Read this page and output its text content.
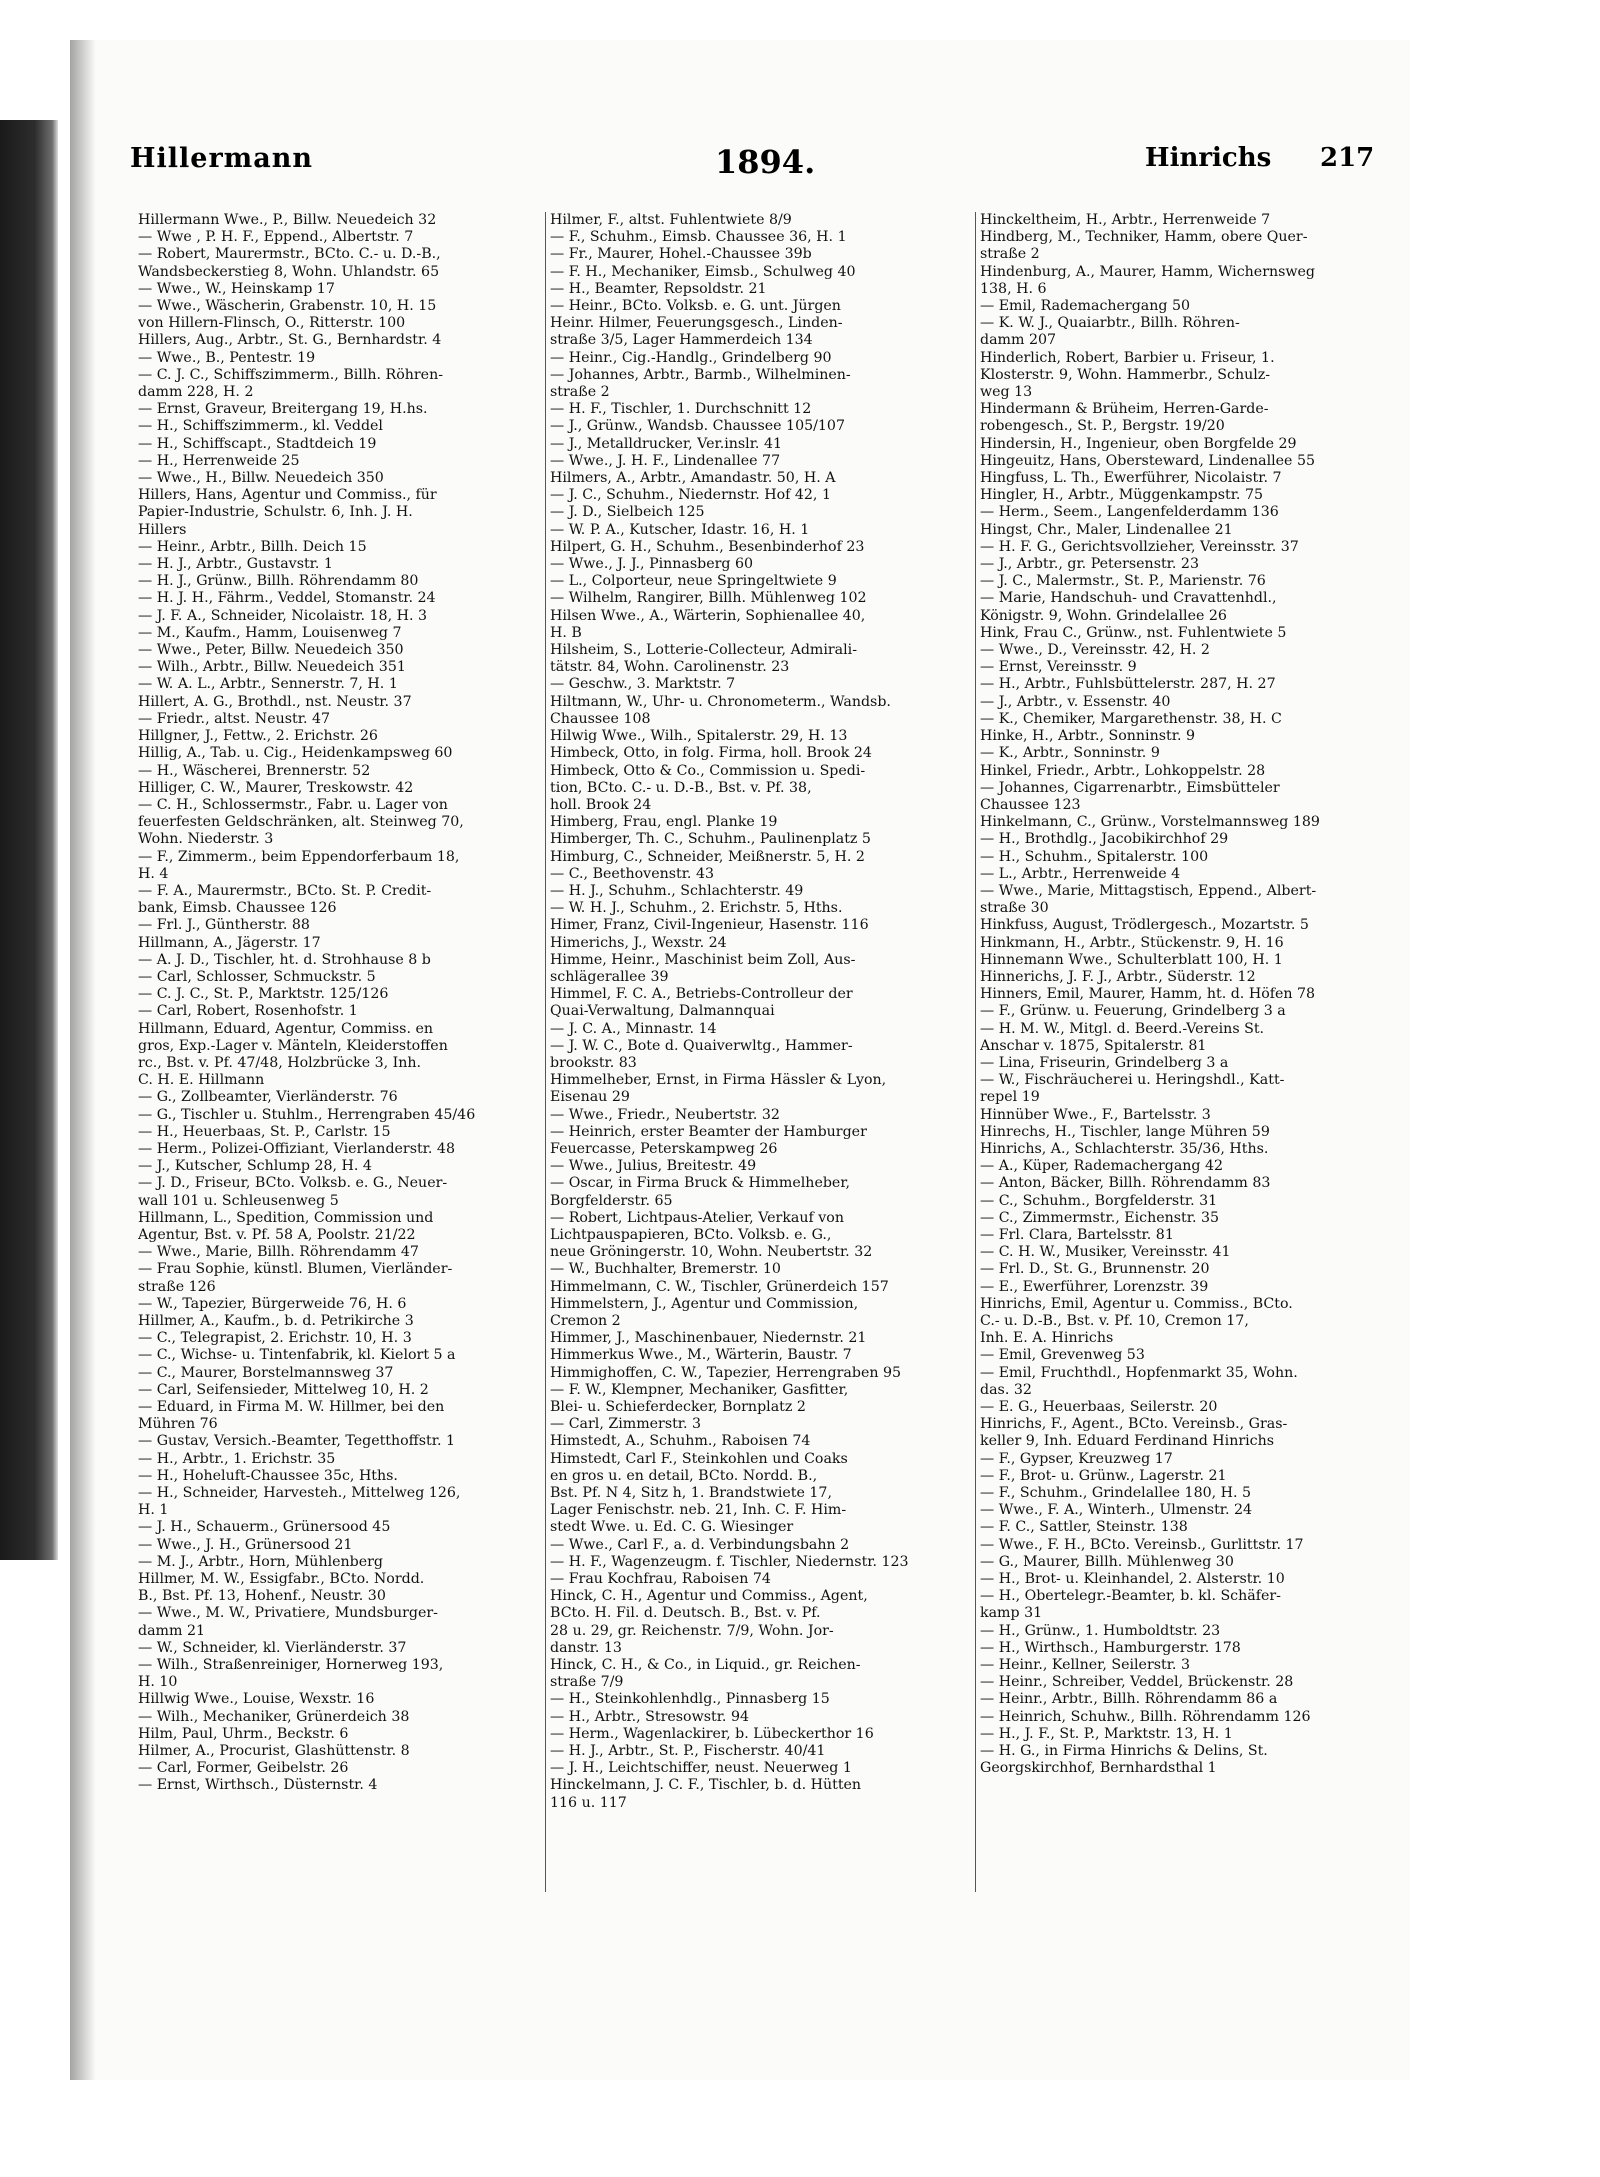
Hillermann	1894.	Hinrichs 217
Hillermann Wwe., P., Billw. Neuedeich 32
— Wwe , P. H. F., Eppend., Albertstr. 7
— Robert, Maurermstr., BCto. C.- u. D.-B.,
Wandsbeckerstieg 8, Wohn. Uhlandstr. 65
— Wwe., W., Heinskamp 17
— Wwe., Wäscherin, Grabenstr. 10, H. 15
von Hillern-Flinsch, O., Ritterstr. 100
Hillers, Aug., Arbtr., St. G., Bernhardstr. 4
— Wwe., B., Pentestr. 19
— C. J. C., Schiffszimmerm., Billh. Röhren-
damm 228, H. 2
— Ernst, Graveur, Breitergang 19, H.hs.
— H., Schiffszimmerm., kl. Veddel
— H., Schiffscapt., Stadtdeich 19
— H., Herrenweide 25
— Wwe., H., Billw. Neuedeich 350
Hillers, Hans, Agentur und Commiss., für
Papier-Industrie, Schulstr. 6, Inh. J. H.
Hillers
— Heinr., Arbtr., Billh. Deich 15
— H. J., Arbtr., Gustavstr. 1
— H. J., Grünw., Billh. Röhrendamm 80
— H. J. H., Fährm., Veddel, Stomanstr. 24
— J. F. A., Schneider, Nicolaistr. 18, H. 3
— M., Kaufm., Hamm, Louisenweg 7
— Wwe., Peter, Billw. Neuedeich 350
— Wilh., Arbtr., Billw. Neuedeich 351
— W. A. L., Arbtr., Sennerstr. 7, H. 1
Hillert, A. G., Brothdl., nst. Neustr. 37
— Friedr., altst. Neustr. 47
Hillgner, J., Fettw., 2. Erichstr. 26
Hillig, A., Tab. u. Cig., Heidenkampsweg 60
— H., Wäscherei, Brennerstr. 52
Hilliger, C. W., Maurer, Treskowstr. 42
— C. H., Schlossermstr., Fabr. u. Lager von
feuerfesten Geldschränken, alt. Steinweg 70,
Wohn. Niederstr. 3
— F., Zimmerm., beim Eppendorferbaum 18,
H. 4
— F. A., Maurermstr., BCto. St. P. Credit-
bank, Eimsb. Chaussee 126
— Frl. J., Güntherstr. 88
Hillmann, A., Jägerstr. 17
— A. J. D., Tischler, ht. d. Strohhause 8 b
— Carl, Schlosser, Schmuckstr. 5
— C. J. C., St. P., Marktstr. 125/126
— Carl, Robert, Rosenhofstr. 1
Hillmann, Eduard, Agentur, Commiss. en
gros, Exp.-Lager v. Mänteln, Kleiderstoffen
rc., Bst. v. Pf. 47/48, Holzbrücke 3, Inh.
C. H. E. Hillmann
— G., Zollbeamter, Vierländerstr. 76
— G., Tischler u. Stuhlm., Herrengraben 45/46
— H., Heuerbaas, St. P., Carlstr. 15
— Herm., Polizei-Offiziant, Vierlanderstr. 48
— J., Kutscher, Schlump 28, H. 4
— J. D., Friseur, BCto. Volksb. e. G., Neuer-
wall 101 u. Schleusenweg 5
Hillmann, L., Spedition, Commission und
Agentur, Bst. v. Pf. 58 A, Poolstr. 21/22
— Wwe., Marie, Billh. Röhrendamm 47
— Frau Sophie, künstl. Blumen, Vierländer-
straße 126
— W., Tapezier, Bürgerweide 76, H. 6
Hillmer, A., Kaufm., b. d. Petrikirche 3
— C., Telegrapist, 2. Erichstr. 10, H. 3
— C., Wichse- u. Tintenfabrik, kl. Kielort 5 a
— C., Maurer, Borstelmannsweg 37
— Carl, Seifensieder, Mittelweg 10, H. 2
— Eduard, in Firma M. W. Hillmer, bei den
Mühren 76
— Gustav, Versich.-Beamter, Tegetthoffstr. 1
— H., Arbtr., 1. Erichstr. 35
— H., Hoheluft-Chaussee 35c, Hths.
— H., Schneider, Harvesteh., Mittelweg 126,
H. 1
— J. H., Schauerm., Grünersood 45
— Wwe., J. H., Grünersood 21
— M. J., Arbtr., Horn, Mühlenberg
Hillmer, M. W., Essigfabr., BCto. Nordd.
B., Bst. Pf. 13, Hohenf., Neustr. 30
— Wwe., M. W., Privatiere, Mundsburger-
damm 21
— W., Schneider, kl. Vierländerstr. 37
— Wilh., Straßenreiniger, Hornerweg 193,
H. 10
Hillwig Wwe., Louise, Wexstr. 16
— Wilh., Mechaniker, Grünerdeich 38
Hilm, Paul, Uhrm., Beckstr. 6
Hilmer, A., Procurist, Glashüttenstr. 8
— Carl, Former, Geibelstr. 26
— Ernst, Wirthsch., Düsternstr. 4
Hilmer, F., altst. Fuhlentwiete 8/9
— F., Schuhm., Eimsb. Chaussee 36, H. 1
— Fr., Maurer, Hohel.-Chaussee 39b
— F. H., Mechaniker, Eimsb., Schulweg 40
— H., Beamter, Repsoldstr. 21
— Heinr., BCto. Volksb. e. G. unt. Jürgen
Heinr. Hilmer, Feuerungsgesch., Linden-
straße 3/5, Lager Hammerdeich 134
— Heinr., Cig.-Handlg., Grindelberg 90
— Johannes, Arbtr., Barmb., Wilhelminen-
straße 2
— H. F., Tischler, 1. Durchschnitt 12
— J., Grünw., Wandsb. Chaussee 105/107
— J., Metalldrucker, Ver.inslr. 41
— Wwe., J. H. F., Lindenallee 77
Hilmers, A., Arbtr., Amandastr. 50, H. A
— J. C., Schuhm., Niedernstr. Hof 42, 1
— J. D., Sielbeich 125
— W. P. A., Kutscher, Idastr. 16, H. 1
Hilpert, G. H., Schuhm., Besenbinderhof 23
— Wwe., J. J., Pinnasberg 60
— L., Colporteur, neue Springeltwiete 9
— Wilhelm, Rangirer, Billh. Mühlenweg 102
Hilsen Wwe., A., Wärterin, Sophienallee 40,
H. B
Hilsheim, S., Lotterie-Collecteur, Admirali-
tätstr. 84, Wohn. Carolinenstr. 23
— Geschw., 3. Marktstr. 7
Hiltmann, W., Uhr- u. Chronometerm., Wandsb.
Chaussee 108
Hilwig Wwe., Wilh., Spitalerstr. 29, H. 13
Himbeck, Otto, in folg. Firma, holl. Brook 24
Himbeck, Otto & Co., Commission u. Spedi-
tion, BCto. C.- u. D.-B., Bst. v. Pf. 38,
holl. Brook 24
Himberg, Frau, engl. Planke 19
Himberger, Th. C., Schuhm., Paulinenplatz 5
Himburg, C., Schneider, Meißnerstr. 5, H. 2
— C., Beethovenstr. 43
— H. J., Schuhm., Schlachterstr. 49
— W. H. J., Schuhm., 2. Erichstr. 5, Hths.
Himer, Franz, Civil-Ingenieur, Hasenstr. 116
Himerichs, J., Wexstr. 24
Himme, Heinr., Maschinist beim Zoll, Aus-
schlägerallee 39
Himmel, F. C. A., Betriebs-Controlleur der
Quai-Verwaltung, Dalmannquai
— J. C. A., Minnastr. 14
— J. W. C., Bote d. Quaiverwltg., Hammer-
brookstr. 83
Himmelheber, Ernst, in Firma Hässler & Lyon,
Eisenau 29
— Wwe., Friedr., Neubertstr. 32
— Heinrich, erster Beamter der Hamburger
Feuercasse, Peterskampweg 26
— Wwe., Julius, Breitestr. 49
— Oscar, in Firma Bruck & Himmelheber,
Borgfelderstr. 65
— Robert, Lichtpaus-Atelier, Verkauf von
Lichtpauspapieren, BCto. Volksb. e. G.,
neue Gröningerstr. 10, Wohn. Neubertstr. 32
— W., Buchhalter, Bremerstr. 10
Himmelmann, C. W., Tischler, Grünerdeich 157
Himmelstern, J., Agentur und Commission,
Cremon 2
Himmer, J., Maschinenbauer, Niedernstr. 21
Himmerkus Wwe., M., Wärterin, Baustr. 7
Himmighoffen, C. W., Tapezier, Herrengraben 95
— F. W., Klempner, Mechaniker, Gasfitter,
Blei- u. Schieferdecker, Bornplatz 2
— Carl, Zimmerstr. 3
Himstedt, A., Schuhm., Raboisen 74
Himstedt, Carl F., Steinkohlen und Coaks
en gros u. en detail, BCto. Nordd. B.,
Bst. Pf. N 4, Sitz h, 1. Brandstwiete 17,
Lager Fenischstr. neb. 21, Inh. C. F. Him-
stedt Wwe. u. Ed. C. G. Wiesinger
— Wwe., Carl F., a. d. Verbindungsbahn 2
— H. F., Wagenzeugm. f. Tischler, Niedernstr. 123
— Frau Kochfrau, Raboisen 74
Hinck, C. H., Agentur und Commiss., Agent,
BCto. H. Fil. d. Deutsch. B., Bst. v. Pf.
28 u. 29, gr. Reichenstr. 7/9, Wohn. Jor-
danstr. 13
Hinck, C. H., & Co., in Liquid., gr. Reichen-
straße 7/9
— H., Steinkohlenhdlg., Pinnasberg 15
— H., Arbtr., Stresowstr. 94
— Herm., Wagenlackirer, b. Lübeckerthor 16
— H. J., Arbtr., St. P., Fischerstr. 40/41
— J. H., Leichtschiffer, neust. Neuerweg 1
Hinckelmann, J. C. F., Tischler, b. d. Hütten
116 u. 117
Hinckeltheim, H., Arbtr., Herrenweide 7
Hindberg, M., Techniker, Hamm, obere Quer-
straße 2
Hindenburg, A., Maurer, Hamm, Wichernsweg
138, H. 6
— Emil, Rademachergang 50
— K. W. J., Quaiarbtr., Billh. Röhren-
damm 207
Hinderlich, Robert, Barbier u. Friseur, 1.
Klosterstr. 9, Wohn. Hammerbr., Schulz-
weg 13
Hindermann & Brüheim, Herren-Garde-
robengesch., St. P., Bergstr. 19/20
Hindersin, H., Ingenieur, oben Borgfelde 29
Hingeuitz, Hans, Obersteward, Lindenallee 55
Hingfuss, L. Th., Ewerführer, Nicolaistr. 7
Hingler, H., Arbtr., Müggenkampstr. 75
— Herm., Seem., Langenfelderdamm 136
Hingst, Chr., Maler, Lindenallee 21
— H. F. G., Gerichtsvollzieher, Vereinsstr. 37
— J., Arbtr., gr. Petersenstr. 23
— J. C., Malermstr., St. P., Marienstr. 76
— Marie, Handschuh- und Cravattenhdl.,
Königstr. 9, Wohn. Grindelallee 26
Hink, Frau C., Grünw., nst. Fuhlentwiete 5
— Wwe., D., Vereinsstr. 42, H. 2
— Ernst, Vereinsstr. 9
— H., Arbtr., Fuhlsbüttelerstr. 287, H. 27
— J., Arbtr., v. Essenstr. 40
— K., Chemiker, Margarethenstr. 38, H. C
Hinke, H., Arbtr., Sonninstr. 9
— K., Arbtr., Sonninstr. 9
Hinkel, Friedr., Arbtr., Lohkoppelstr. 28
— Johannes, Cigarrenarbtr., Eimsbütteler
Chaussee 123
Hinkelmann, C., Grünw., Vorstelmannsweg 189
— H., Brothdlg., Jacobikirchhof 29
— H., Schuhm., Spitalerstr. 100
— L., Arbtr., Herrenweide 4
— Wwe., Marie, Mittagstisch, Eppend., Albert-
straße 30
Hinkfuss, August, Trödlergesch., Mozartstr. 5
Hinkmann, H., Arbtr., Stückenstr. 9, H. 16
Hinnemann Wwe., Schulterblatt 100, H. 1
Hinnerichs, J. F. J., Arbtr., Süderstr. 12
Hinners, Emil, Maurer, Hamm, ht. d. Höfen 78
— F., Grünw. u. Feuerung, Grindelberg 3 a
— H. M. W., Mitgl. d. Beerd.-Vereins St.
Anschar v. 1875, Spitalerstr. 81
— Lina, Friseurin, Grindelberg 3 a
— W., Fischräucherei u. Heringshdl., Katt-
repel 19
Hinnüber Wwe., F., Bartelsstr. 3
Hinrechs, H., Tischler, lange Mühren 59
Hinrichs, A., Schlachterstr. 35/36, Hths.
— A., Küper, Rademachergang 42
— Anton, Bäcker, Billh. Röhrendamm 83
— C., Schuhm., Borgfelderstr. 31
— C., Zimmermstr., Eichenstr. 35
— Frl. Clara, Bartelsstr. 81
— C. H. W., Musiker, Vereinsstr. 41
— Frl. D., St. G., Brunnenstr. 20
— E., Ewerführer, Lorenzstr. 39
Hinrichs, Emil, Agentur u. Commiss., BCto.
C.- u. D.-B., Bst. v. Pf. 10, Cremon 17,
Inh. E. A. Hinrichs
— Emil, Grevenweg 53
— Emil, Fruchthdl., Hopfenmarkt 35, Wohn.
das. 32
— E. G., Heuerbaas, Seilerstr. 20
Hinrichs, F., Agent., BCto. Vereinsb., Gras-
keller 9, Inh. Eduard Ferdinand Hinrichs
— F., Gypser, Kreuzweg 17
— F., Brot- u. Grünw., Lagerstr. 21
— F., Schuhm., Grindelallee 180, H. 5
— Wwe., F. A., Winterh., Ulmenstr. 24
— F. C., Sattler, Steinstr. 138
— Wwe., F. H., BCto. Vereinsb., Gurlittstr. 17
— G., Maurer, Billh. Mühlenweg 30
— H., Brot- u. Kleinhandel, 2. Alsterstr. 10
— H., Obertelegr.-Beamter, b. kl. Schäfer-
kamp 31
— H., Grünw., 1. Humboldtstr. 23
— H., Wirthsch., Hamburgerstr. 178
— Heinr., Kellner, Seilerstr. 3
— Heinr., Schreiber, Veddel, Brückenstr. 28
— Heinr., Arbtr., Billh. Röhrendamm 86 a
— Heinrich, Schuhw., Billh. Röhrendamm 126
— H., J. F., St. P., Marktstr. 13, H. 1
— H. G., in Firma Hinrichs & Delins, St.
Georgskirchhof, Bernhardsthal 1
